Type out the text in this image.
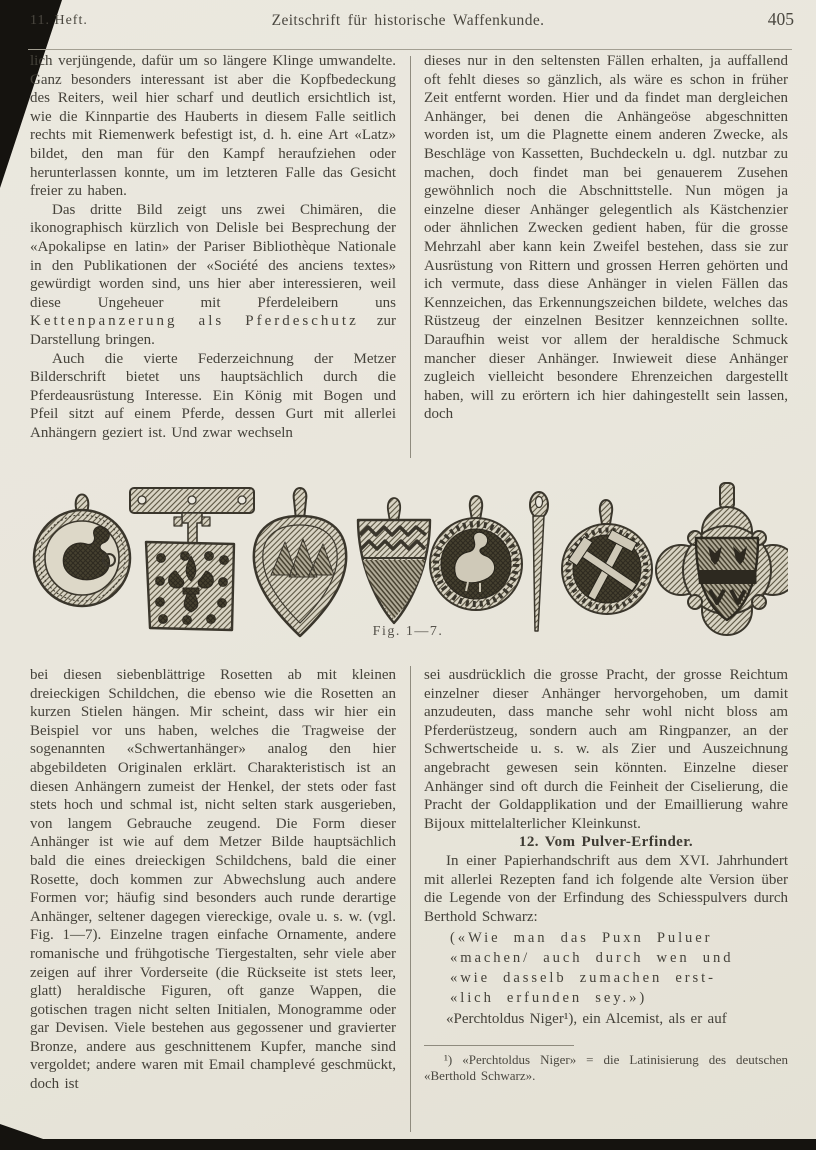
11. Heft.	Zeitschrift für historische Waffenkunde.	405

lich verjüngende, dafür um so längere Klinge umwandelte. Ganz besonders interessant ist aber die Kopfbedeckung des Reiters, weil hier scharf und deutlich ersichtlich ist, wie die Kinnpartie des Hauberts in diesem Falle seitlich rechts mit Riemenwerk befestigt ist, d. h. eine Art «Latz» bildet, den man für den Kampf heraufziehen oder herunterlassen konnte, um im letzteren Falle das Gesicht freier zu haben.

Das dritte Bild zeigt uns zwei Chimären, die ikonographisch kürzlich von Delisle bei Besprechung der «Apokalipse en latin» der Pariser Bibliothèque Nationale in den Publikationen der «Société des anciens textes» gewürdigt worden sind, uns hier aber interessieren, weil diese Ungeheuer mit Pferdeleibern uns Kettenpanzerung als Pferdeschutz zur Darstellung bringen.

Auch die vierte Federzeichnung der Metzer Bilderschrift bietet uns hauptsächlich durch die Pferdeausrüstung Interesse. Ein König mit Bogen und Pfeil sitzt auf einem Pferde, dessen Gurt mit allerlei Anhängern geziert ist. Und zwar wechseln

dieses nur in den seltensten Fällen erhalten, ja auffallend oft fehlt dieses so gänzlich, als wäre es schon in früher Zeit entfernt worden. Hier und da findet man dergleichen Anhänger, bei denen die Anhängeöse abgeschnitten worden ist, um die Plagnette einem anderen Zwecke, als Beschläge von Kassetten, Buchdeckeln u. dgl. nutzbar zu machen, doch findet man bei genauerem Zusehen gewöhnlich noch die Abschnittstelle. Nun mögen ja einzelne dieser Anhänger gelegentlich als Kästchenzier oder ähnlichen Zwecken gedient haben, für die grosse Mehrzahl aber kann kein Zweifel bestehen, dass sie zur Ausrüstung von Rittern und grossen Herren gehörten und ich vermute, dass diese Anhänger in vielen Fällen das Kennzeichen, das Erkennungszeichen bildete, welches das Rüstzeug der einzelnen Besitzer kennzeichnen sollte. Daraufhin weist vor allem der heraldische Schmuck mancher dieser Anhänger. Inwieweit diese Anhänger zugleich vielleicht besondere Ehrenzeichen dargestellt haben, will zu erörtern ich hier dahingestellt sein lassen, doch

Fig. 1—7.

bei diesen siebenblättrige Rosetten ab mit kleinen dreieckigen Schildchen, die ebenso wie die Rosetten an kurzen Stielen hängen. Mir scheint, dass wir hier ein Beispiel vor uns haben, welches die Tragweise der sogenannten «Schwertanhänger» analog den hier abgebildeten Originalen erklärt. Charakteristisch ist an diesen Anhängern zumeist der Henkel, der stets oder fast stets hoch und schmal ist, nicht selten stark ausgerieben, von langem Gebrauche zeugend. Die Form dieser Anhänger ist wie auf dem Metzer Bilde hauptsächlich bald die eines dreieckigen Schildchens, bald die einer Rosette, doch kommen zur Abwechslung auch andere Formen vor; häufig sind besonders auch runde derartige Anhänger, seltener dagegen viereckige, ovale u. s. w. (vgl. Fig. 1—7). Einzelne tragen einfache Ornamente, andere romanische und frühgotische Tiergestalten, sehr viele aber zeigen auf ihrer Vorderseite (die Rückseite ist stets leer, glatt) heraldische Figuren, oft ganze Wappen, die gotischen tragen nicht selten Initialen, Monogramme oder gar Devisen. Viele bestehen aus gegossener und gravierter Bronze, andere aus geschnittenem Kupfer, manche sind vergoldet; andere waren mit Email champlevé geschmückt, doch ist

sei ausdrücklich die grosse Pracht, der grosse Reichtum einzelner dieser Anhänger hervorgehoben, um damit anzudeuten, dass manche sehr wohl nicht bloss am Pferderüstzeug, sondern auch am Ringpanzer, an der Schwertscheide u. s. w. als Zier und Auszeichnung angebracht gewesen sein könnten. Einzelne dieser Anhänger sind oft durch die Feinheit der Ciselierung, die Pracht der Goldapplikation und der Emaillierung wahre Bijoux mittelalterlicher Kleinkunst.

12. Vom Pulver-Erfinder.

In einer Papierhandschrift aus dem XVI. Jahrhundert mit allerlei Rezepten fand ich folgende alte Version über die Legende von der Erfindung des Schiesspulvers durch Berthold Schwarz:

(«Wie man das Puxn Puluer
«machen/ auch durch wen und
«wie dasselb zumachen erst-
«lich erfunden sey.»)

«Perchtoldus Niger¹), ein Alcemist, als er auf

¹) «Perchtoldus Niger» = die Latinisierung des deutschen «Berthold Schwarz».
